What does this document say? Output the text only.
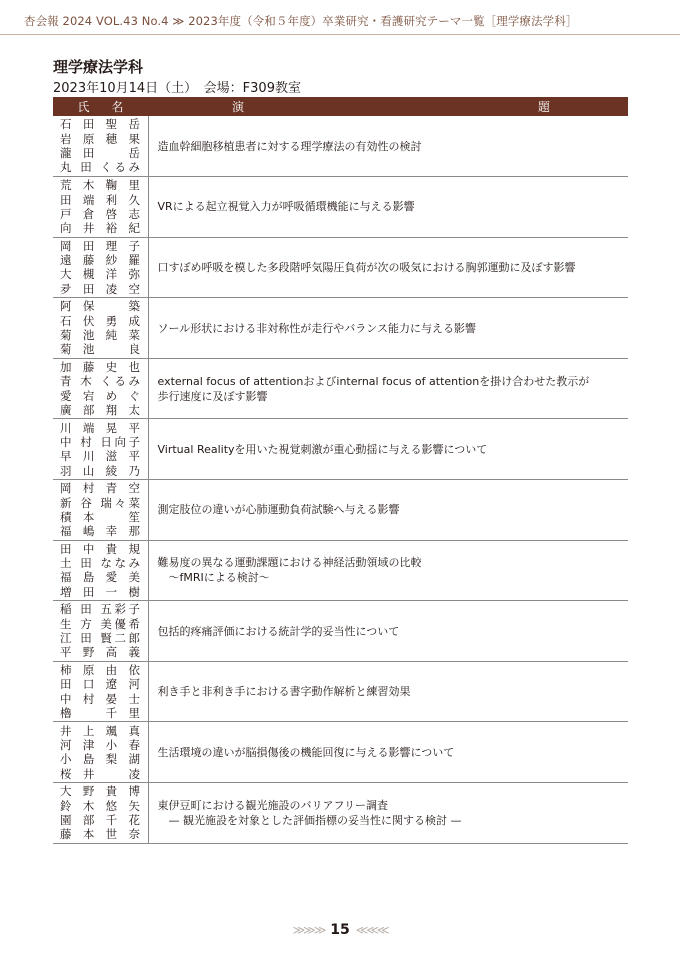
杏会報 2024 VOL.43 No.4 ≫ 2023年度（令和５年度）卒業研究・看護研究テーマ一覧［理学療法学科］
理学療法学科
2023年10月14日（土）　会場：F309教室
氏名	演 題

石 田 聖 岳
岩 原 穂 果
瀧 田 　 岳
丸 田 くるみ	造血幹細胞移植患者に対する理学療法の有効性の検討

荒 木 鞠 里
田 端 利 久
戸 倉 啓 志
向 井 裕 紀	VRによる起立視覚入力が呼吸循環機能に与える影響

岡 田 理 子
遠 藤 紗 羅
大 槻 洋 弥
夛 田 凌 空	口すぼめ呼吸を模した多段階呼気陽圧負荷が次の吸気における胸郭運動に及ぼす影響

阿 保 　 築
石 伏 勇 成
菊 池 純 菜
菊 池 　 良	ソール形状における非対称性が走行やバランス能力に与える影響

加 藤 史 也
青 木 くるみ
愛 宕 め ぐ
廣 部 翔 太	external focus of attentionおよびinternal focus of attentionを掛け合わせた教示が
歩行速度に及ぼす影響

川 端 晃 平
中 村 日向子
早 川 滋 平
羽 山 綾 乃	Virtual Realityを用いた視覚刺激が重心動揺に与える影響について

岡 村 青 空
新 谷 瑞々菜
積 本 　 笙
福 嶋 幸 那	測定肢位の違いが心肺運動負荷試験へ与える影響

田 中 貴 規
土 田 ななみ
福 島 愛 美
増 田 一 樹	難易度の異なる運動課題における神経活動領域の比較
　〜fMRIによる検討〜

稲 田 五彩子
生 方 美優希
江 田 賢二郎
平 野 高 義	包括的疼痛評価における統計学的妥当性について

柿 原 由 依
田 口 遼 河
中 村 晏 士
櫓 　 千 里	利き手と非利き手における書字動作解析と練習効果

井 上 颯 真
河 津 小 春
小 島 梨 湖
桜 井 　 凌	生活環境の違いが脳損傷後の機能回復に与える影響について

大 野 貴 博
鈴 木 悠 矢
園 部 千 花
藤 本 世 奈	東伊豆町における観光施設のバリアフリー調査
　— 観光施設を対象とした評価指標の妥当性に関する検討 —
≫≫≫ 15 ≪≪≪
